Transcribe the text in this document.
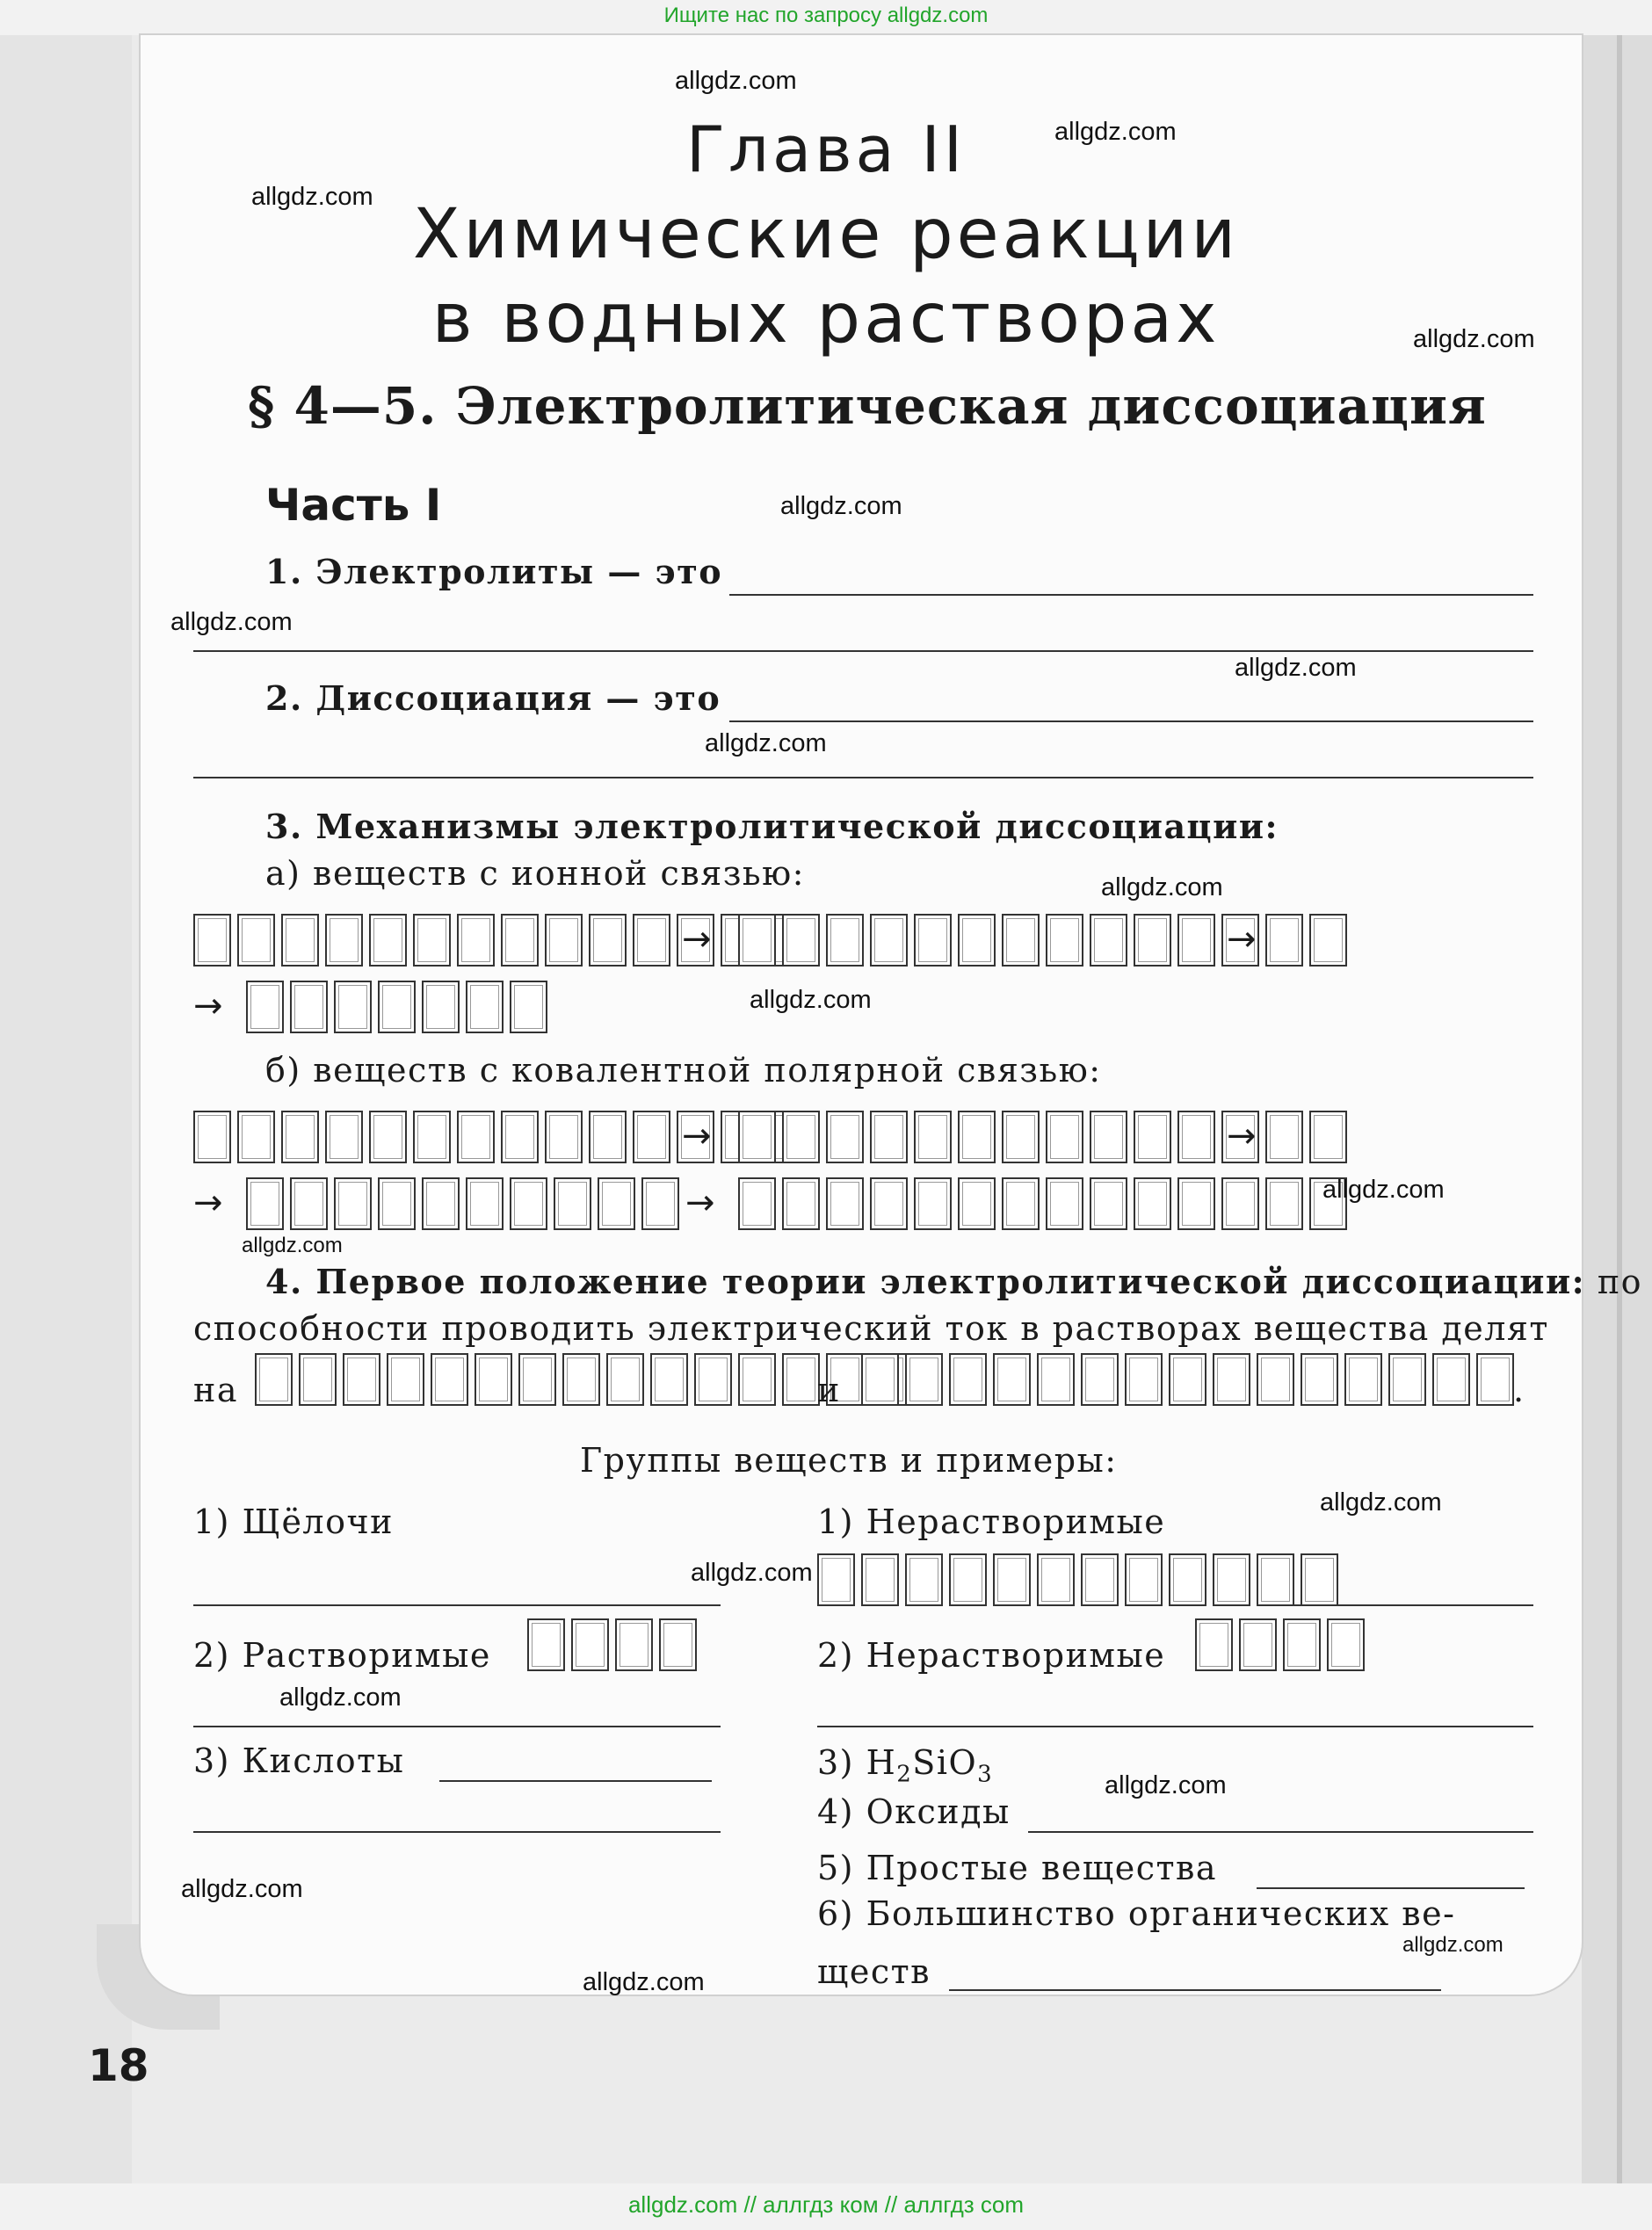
Ищите нас по запросу allgdz.com
Глава II
Химические реакции
в водных растворах
§ 4—5. Электролитическая диссоциация
Часть I
1. Электролиты — это
2. Диссоциация — это
3. Механизмы электролитической диссоциации:
а) веществ с ионной связью:
→	→
→
б) веществ с ковалентной полярной связью:
→	→
→	→
4. Первое положение теории электролитической диссоциации: по
способности проводить электрический ток в растворах вещества делят
на	и	.
Группы веществ и примеры:
1) Щёлочи
2) Растворимые
3) Кислоты
1) Нерастворимые
2) Нерастворимые
3) $H_2SiO_3$
4) Оксиды
5) Простые вещества
6) Большинство органических ве-
ществ
18
allgdz.com
allgdz.com
allgdz.com
allgdz.com
allgdz.com
allgdz.com
allgdz.com
allgdz.com
allgdz.com
allgdz.com
allgdz.com
allgdz.com
allgdz.com
allgdz.com
allgdz.com
allgdz.com
allgdz.com
allgdz.com
allgdz.com
allgdz.com // аллгдз ком // аллгдз com
